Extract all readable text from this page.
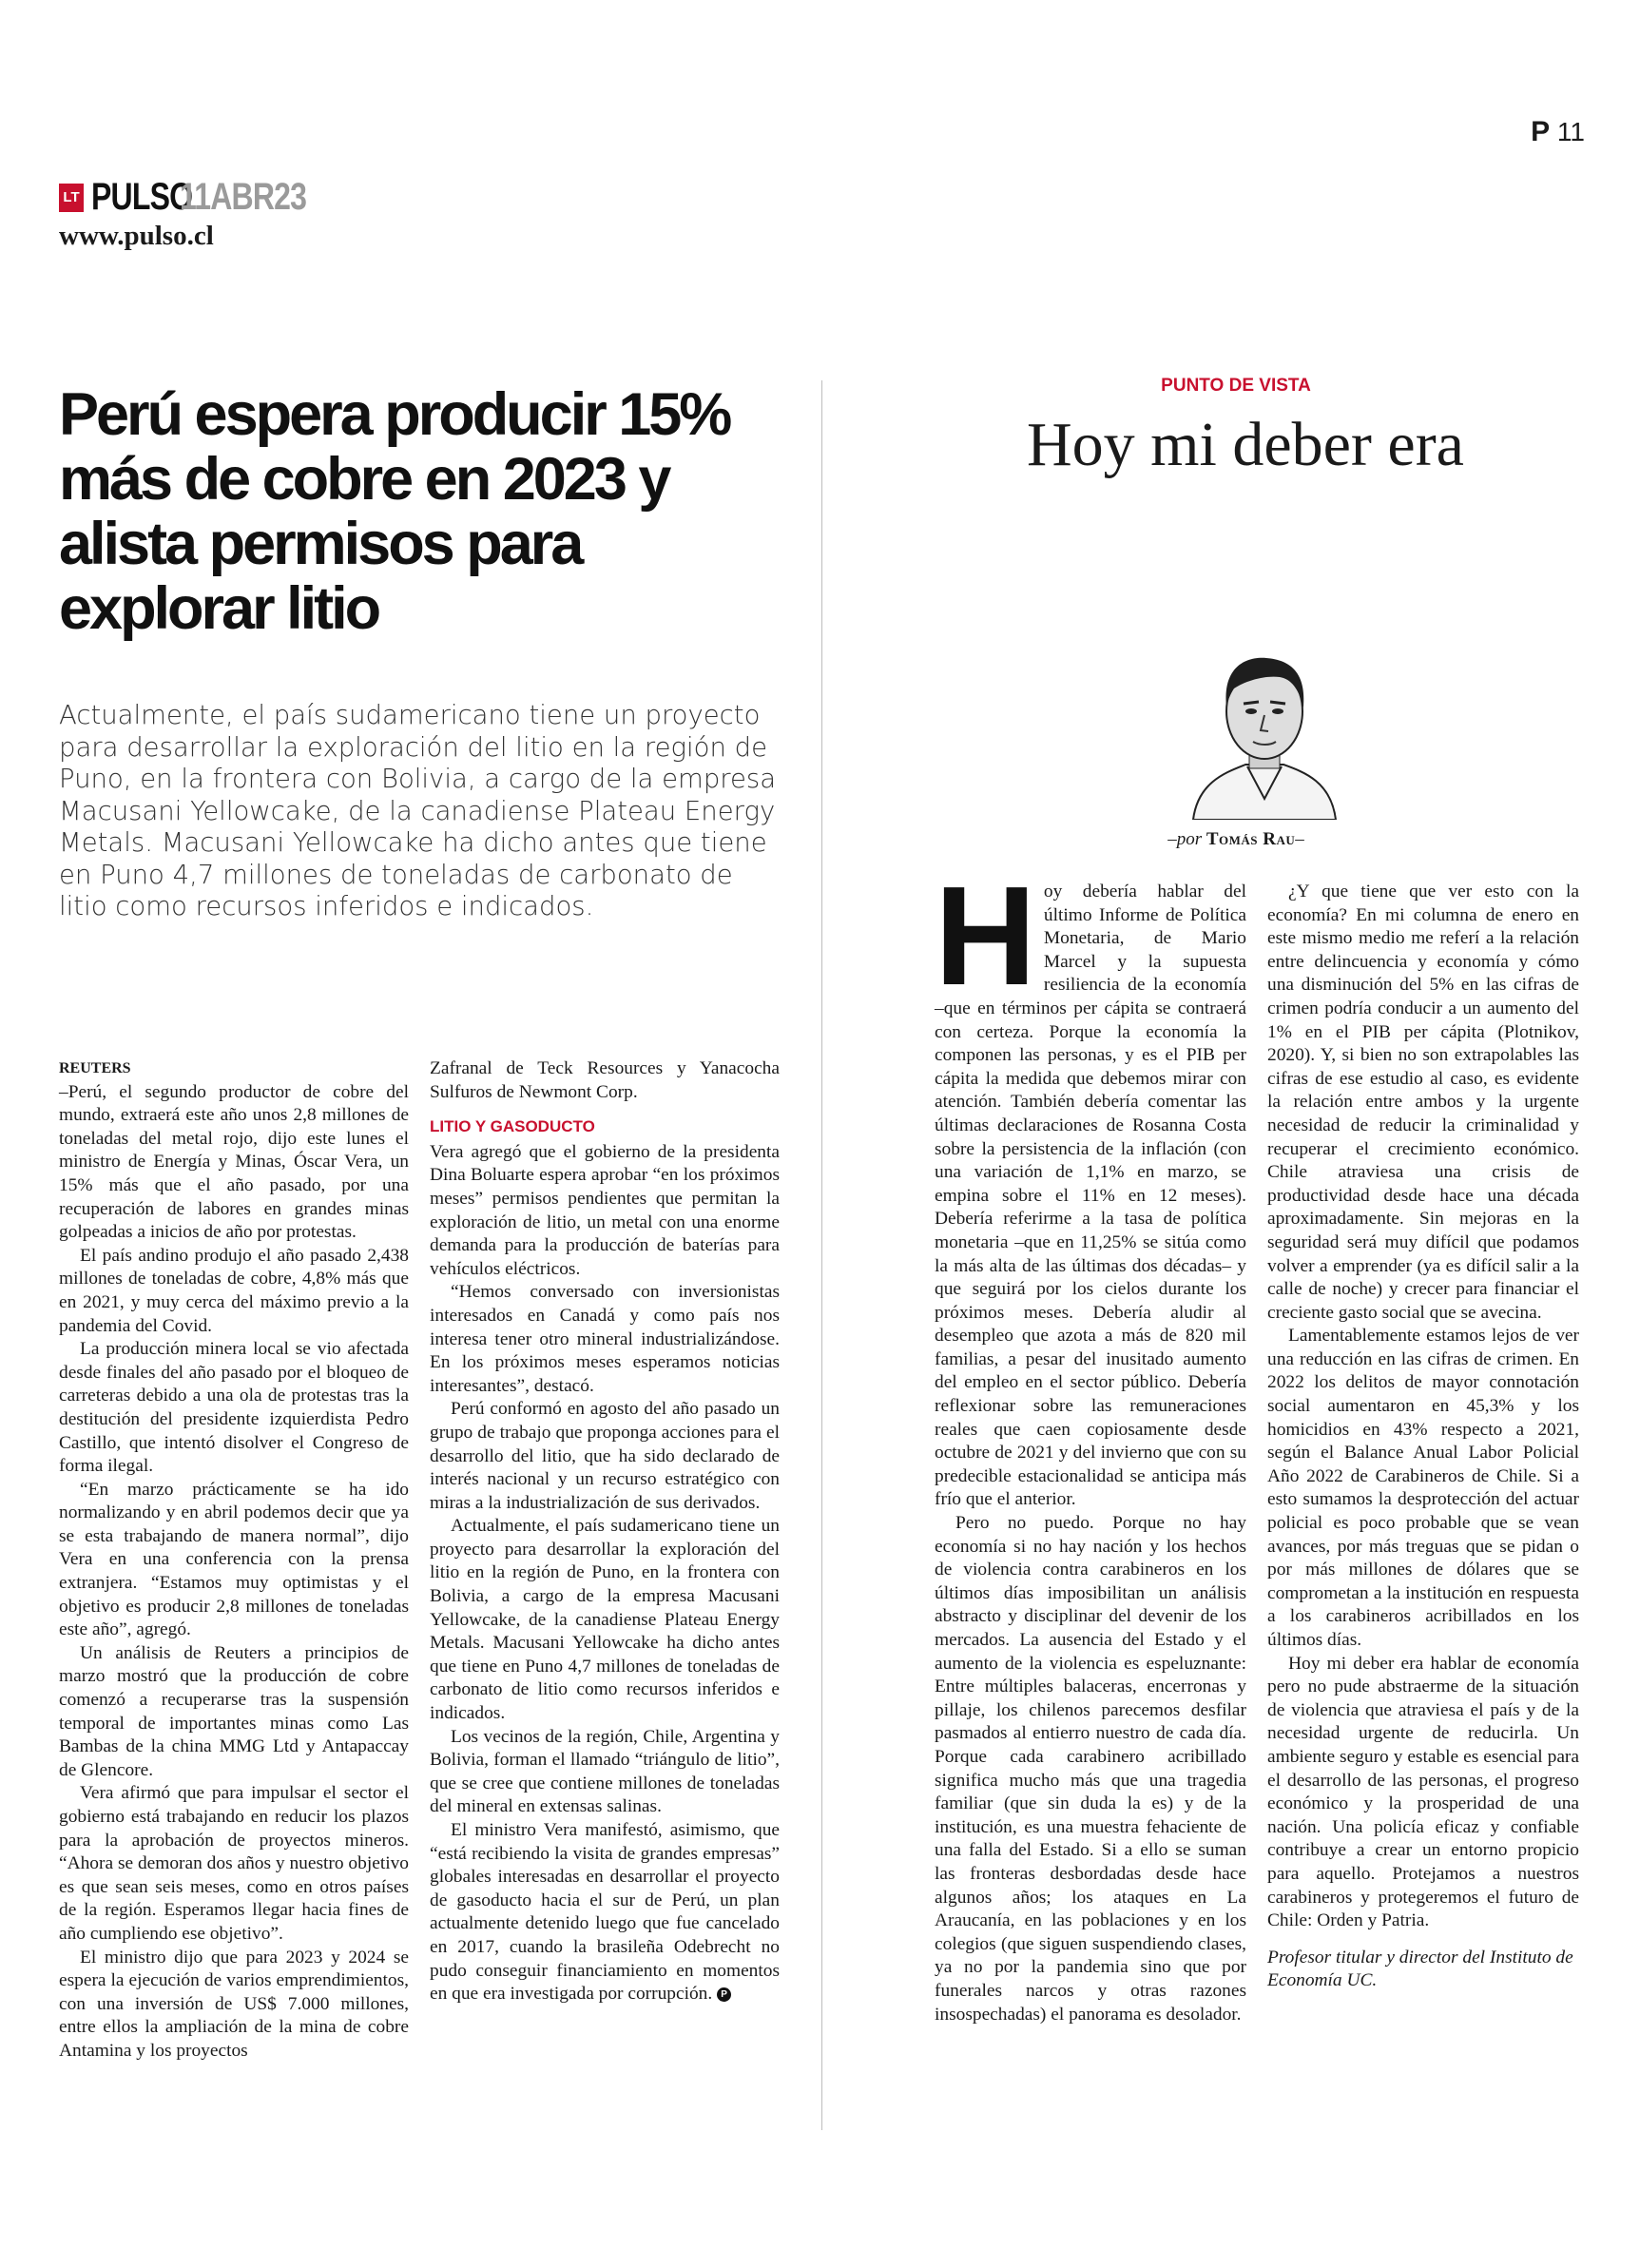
P 11
LT PULSO
11ABR23
www.pulso.cl
Perú espera producir 15% más de cobre en 2023 y alista permisos para explorar litio

Actualmente, el país sudamericano tiene un proyecto para desarrollar la exploración del litio en la región de Puno, en la frontera con Bolivia, a cargo de la empresa Macusani Yellowcake, de la canadiense Plateau Energy Metals. Macusani Yellowcake ha dicho antes que tiene en Puno 4,7 millones de toneladas de carbonato de litio como recursos inferidos e indicados.

REUTERS

–Perú, el segundo productor de cobre del mundo, extraerá este año unos 2,8 millones de toneladas del metal rojo, dijo este lunes el ministro de Energía y Minas, Óscar Vera, un 15% más que el año pasado, por una recuperación de labores en grandes minas golpeadas a inicios de año por protestas.

El país andino produjo el año pasado 2,438 millones de toneladas de cobre, 4,8% más que en 2021, y muy cerca del máximo previo a la pandemia del Covid.

La producción minera local se vio afectada desde finales del año pasado por el bloqueo de carreteras debido a una ola de protestas tras la destitución del presidente izquierdista Pedro Castillo, que intentó disolver el Congreso de forma ilegal.

“En marzo prácticamente se ha ido normalizando y en abril podemos decir que ya se esta trabajando de manera normal”, dijo Vera en una conferencia con la prensa extranjera. “Estamos muy optimistas y el objetivo es producir 2,8 millones de toneladas este año”, agregó.

Un análisis de Reuters a principios de marzo mostró que la producción de cobre comenzó a recuperarse tras la suspensión temporal de importantes minas como Las Bambas de la china MMG Ltd y Antapaccay de Glencore.

Vera afirmó que para impulsar el sector el gobierno está trabajando en reducir los plazos para la aprobación de proyectos mineros. “Ahora se demoran dos años y nuestro objetivo es que sean seis meses, como en otros países de la región. Esperamos llegar hacia fines de año cumpliendo ese objetivo”.

El ministro dijo que para 2023 y 2024 se espera la ejecución de varios emprendimientos, con una inversión de US$ 7.000 millones, entre ellos la ampliación de la mina de cobre Antamina y los proyectos

Zafranal de Teck Resources y Yanacocha Sulfuros de Newmont Corp.

LITIO Y GASODUCTO

Vera agregó que el gobierno de la presidenta Dina Boluarte espera aprobar “en los próximos meses” permisos pendientes que permitan la exploración de litio, un metal con una enorme demanda para la producción de baterías para vehículos eléctricos.

“Hemos conversado con inversionistas interesados en Canadá y como país nos interesa tener otro mineral industrializándose. En los próximos meses esperamos noticias interesantes”, destacó.

Perú conformó en agosto del año pasado un grupo de trabajo que proponga acciones para el desarrollo del litio, que ha sido declarado de interés nacional y un recurso estratégico con miras a la industrialización de sus derivados.

Actualmente, el país sudamericano tiene un proyecto para desarrollar la exploración del litio en la región de Puno, en la frontera con Bolivia, a cargo de la empresa Macusani Yellowcake, de la canadiense Plateau Energy Metals. Macusani Yellowcake ha dicho antes que tiene en Puno 4,7 millones de toneladas de carbonato de litio como recursos inferidos e indicados.

Los vecinos de la región, Chile, Argentina y Bolivia, forman el llamado “triángulo de litio”, que se cree que contiene millones de toneladas del mineral en extensas salinas.

El ministro Vera manifestó, asimismo, que “está recibiendo la visita de grandes empresas” globales interesadas en desarrollar el proyecto de gasoducto hacia el sur de Perú, un plan actualmente detenido luego que fue cancelado en 2017, cuando la brasileña Odebrecht no pudo conseguir financiamiento en momentos en que era investigada por corrupción. P

PUNTO DE VISTA
Hoy mi deber era
–por Tomás Rau–

Hoy debería hablar del último Informe de Política Monetaria, de Mario Marcel y la supuesta resiliencia de la economía –que en términos per cápita se contraerá con certeza. Porque la economía la componen las personas, y es el PIB per cápita la medida que debemos mirar con atención. También debería comentar las últimas declaraciones de Rosanna Costa sobre la persistencia de la inflación (con una variación de 1,1% en marzo, se empina sobre el 11% en 12 meses). Debería referirme a la tasa de política monetaria –que en 11,25% se sitúa como la más alta de las últimas dos décadas– y que seguirá por los cielos durante los próximos meses. Debería aludir al desempleo que azota a más de 820 mil familias, a pesar del inusitado aumento del empleo en el sector público. Debería reflexionar sobre las remuneraciones reales que caen copiosamente desde octubre de 2021 y del invierno que con su predecible estacionalidad se anticipa más frío que el anterior.

Pero no puedo. Porque no hay economía si no hay nación y los hechos de violencia contra carabineros en los últimos días imposibilitan un análisis abstracto y disciplinar del devenir de los mercados. La ausencia del Estado y el aumento de la violencia es espeluznante: Entre múltiples balaceras, encerronas y pillaje, los chilenos parecemos desfilar pasmados al entierro nuestro de cada día. Porque cada carabinero acribillado significa mucho más que una tragedia familiar (que sin duda la es) y de la institución, es una muestra fehaciente de una falla del Estado. Si a ello se suman las fronteras desbordadas desde hace algunos años; los ataques en La Araucanía, en las poblaciones y en los colegios (que siguen suspendiendo clases, ya no por la pandemia sino que por funerales narcos y otras razones insospechadas) el panorama es desolador.

¿Y que tiene que ver esto con la economía? En mi columna de enero en este mismo medio me referí a la relación entre delincuencia y economía y cómo una disminución del 5% en las cifras de crimen podría conducir a un aumento del 1% en el PIB per cápita (Plotnikov, 2020). Y, si bien no son extrapolables las cifras de ese estudio al caso, es evidente la relación entre ambos y la urgente necesidad de reducir la criminalidad y recuperar el crecimiento económico. Chile atraviesa una crisis de productividad desde hace una década aproximadamente. Sin mejoras en la seguridad será muy difícil que podamos volver a emprender (ya es difícil salir a la calle de noche) y crecer para financiar el creciente gasto social que se avecina.

Lamentablemente estamos lejos de ver una reducción en las cifras de crimen. En 2022 los delitos de mayor connotación social aumentaron en 45,3% y los homicidios en 43% respecto a 2021, según el Balance Anual Labor Policial Año 2022 de Carabineros de Chile. Si a esto sumamos la desprotección del actuar policial es poco probable que se vean avances, por más treguas que se pidan o por más millones de dólares que se comprometan a la institución en respuesta a los carabineros acribillados en los últimos días.

Hoy mi deber era hablar de economía pero no pude abstraerme de la situación de violencia que atraviesa el país y de la necesidad urgente de reducirla. Un ambiente seguro y estable es esencial para el desarrollo de las personas, el progreso económico y la prosperidad de una nación. Una policía eficaz y confiable contribuye a crear un entorno propicio para aquello. Protejamos a nuestros carabineros y protegeremos el futuro de Chile: Orden y Patria.

Profesor titular y director del Instituto de Economía UC.
